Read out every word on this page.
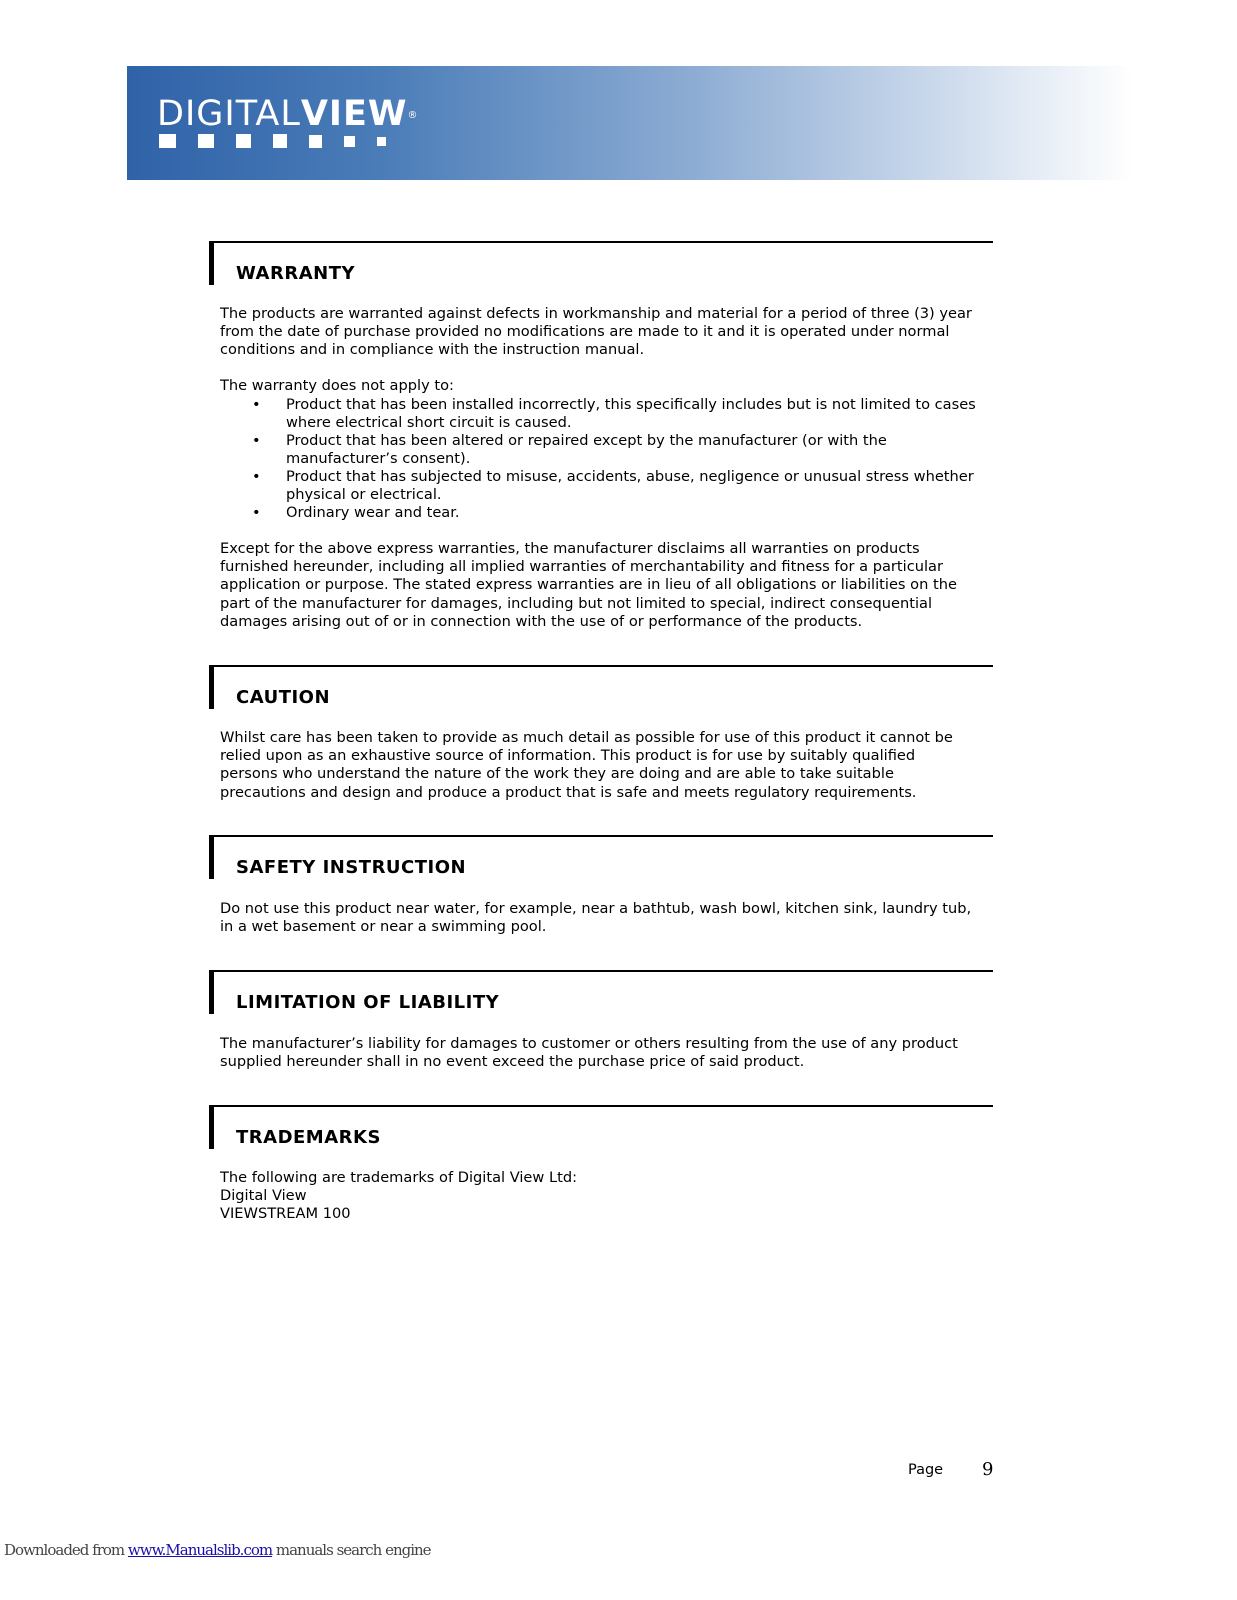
DIGITALVIEW®
WARRANTY

The products are warranted against defects in workmanship and material for a period of three (3) year

from the date of purchase provided no modifications are made to it and it is operated under normal

conditions and in compliance with the instruction manual.

The warranty does not apply to:

• Product that has been installed incorrectly, this specifically includes but is not limited to cases
where electrical short circuit is caused.
• Product that has been altered or repaired except by the manufacturer (or with the
manufacturer’s consent).
• Product that has subjected to misuse, accidents, abuse, negligence or unusual stress whether
physical or electrical.
• Ordinary wear and tear.

Except for the above express warranties, the manufacturer disclaims all warranties on products

furnished hereunder, including all implied warranties of merchantability and fitness for a particular

application or purpose. The stated express warranties are in lieu of all obligations or liabilities on the

part of the manufacturer for damages, including but not limited to special, indirect consequential

damages arising out of or in connection with the use of or performance of the products.

CAUTION

Whilst care has been taken to provide as much detail as possible for use of this product it cannot be

relied upon as an exhaustive source of information. This product is for use by suitably qualified

persons who understand the nature of the work they are doing and are able to take suitable

precautions and design and produce a product that is safe and meets regulatory requirements.

SAFETY INSTRUCTION

Do not use this product near water, for example, near a bathtub, wash bowl, kitchen sink, laundry tub,

in a wet basement or near a swimming pool.

LIMITATION OF LIABILITY

The manufacturer’s liability for damages to customer or others resulting from the use of any product

supplied hereunder shall in no event exceed the purchase price of said product.

TRADEMARKS

The following are trademarks of Digital View Ltd:

Digital View

VIEWSTREAM 100

Page 9
Downloaded from www.Manualslib.com manuals search engine
